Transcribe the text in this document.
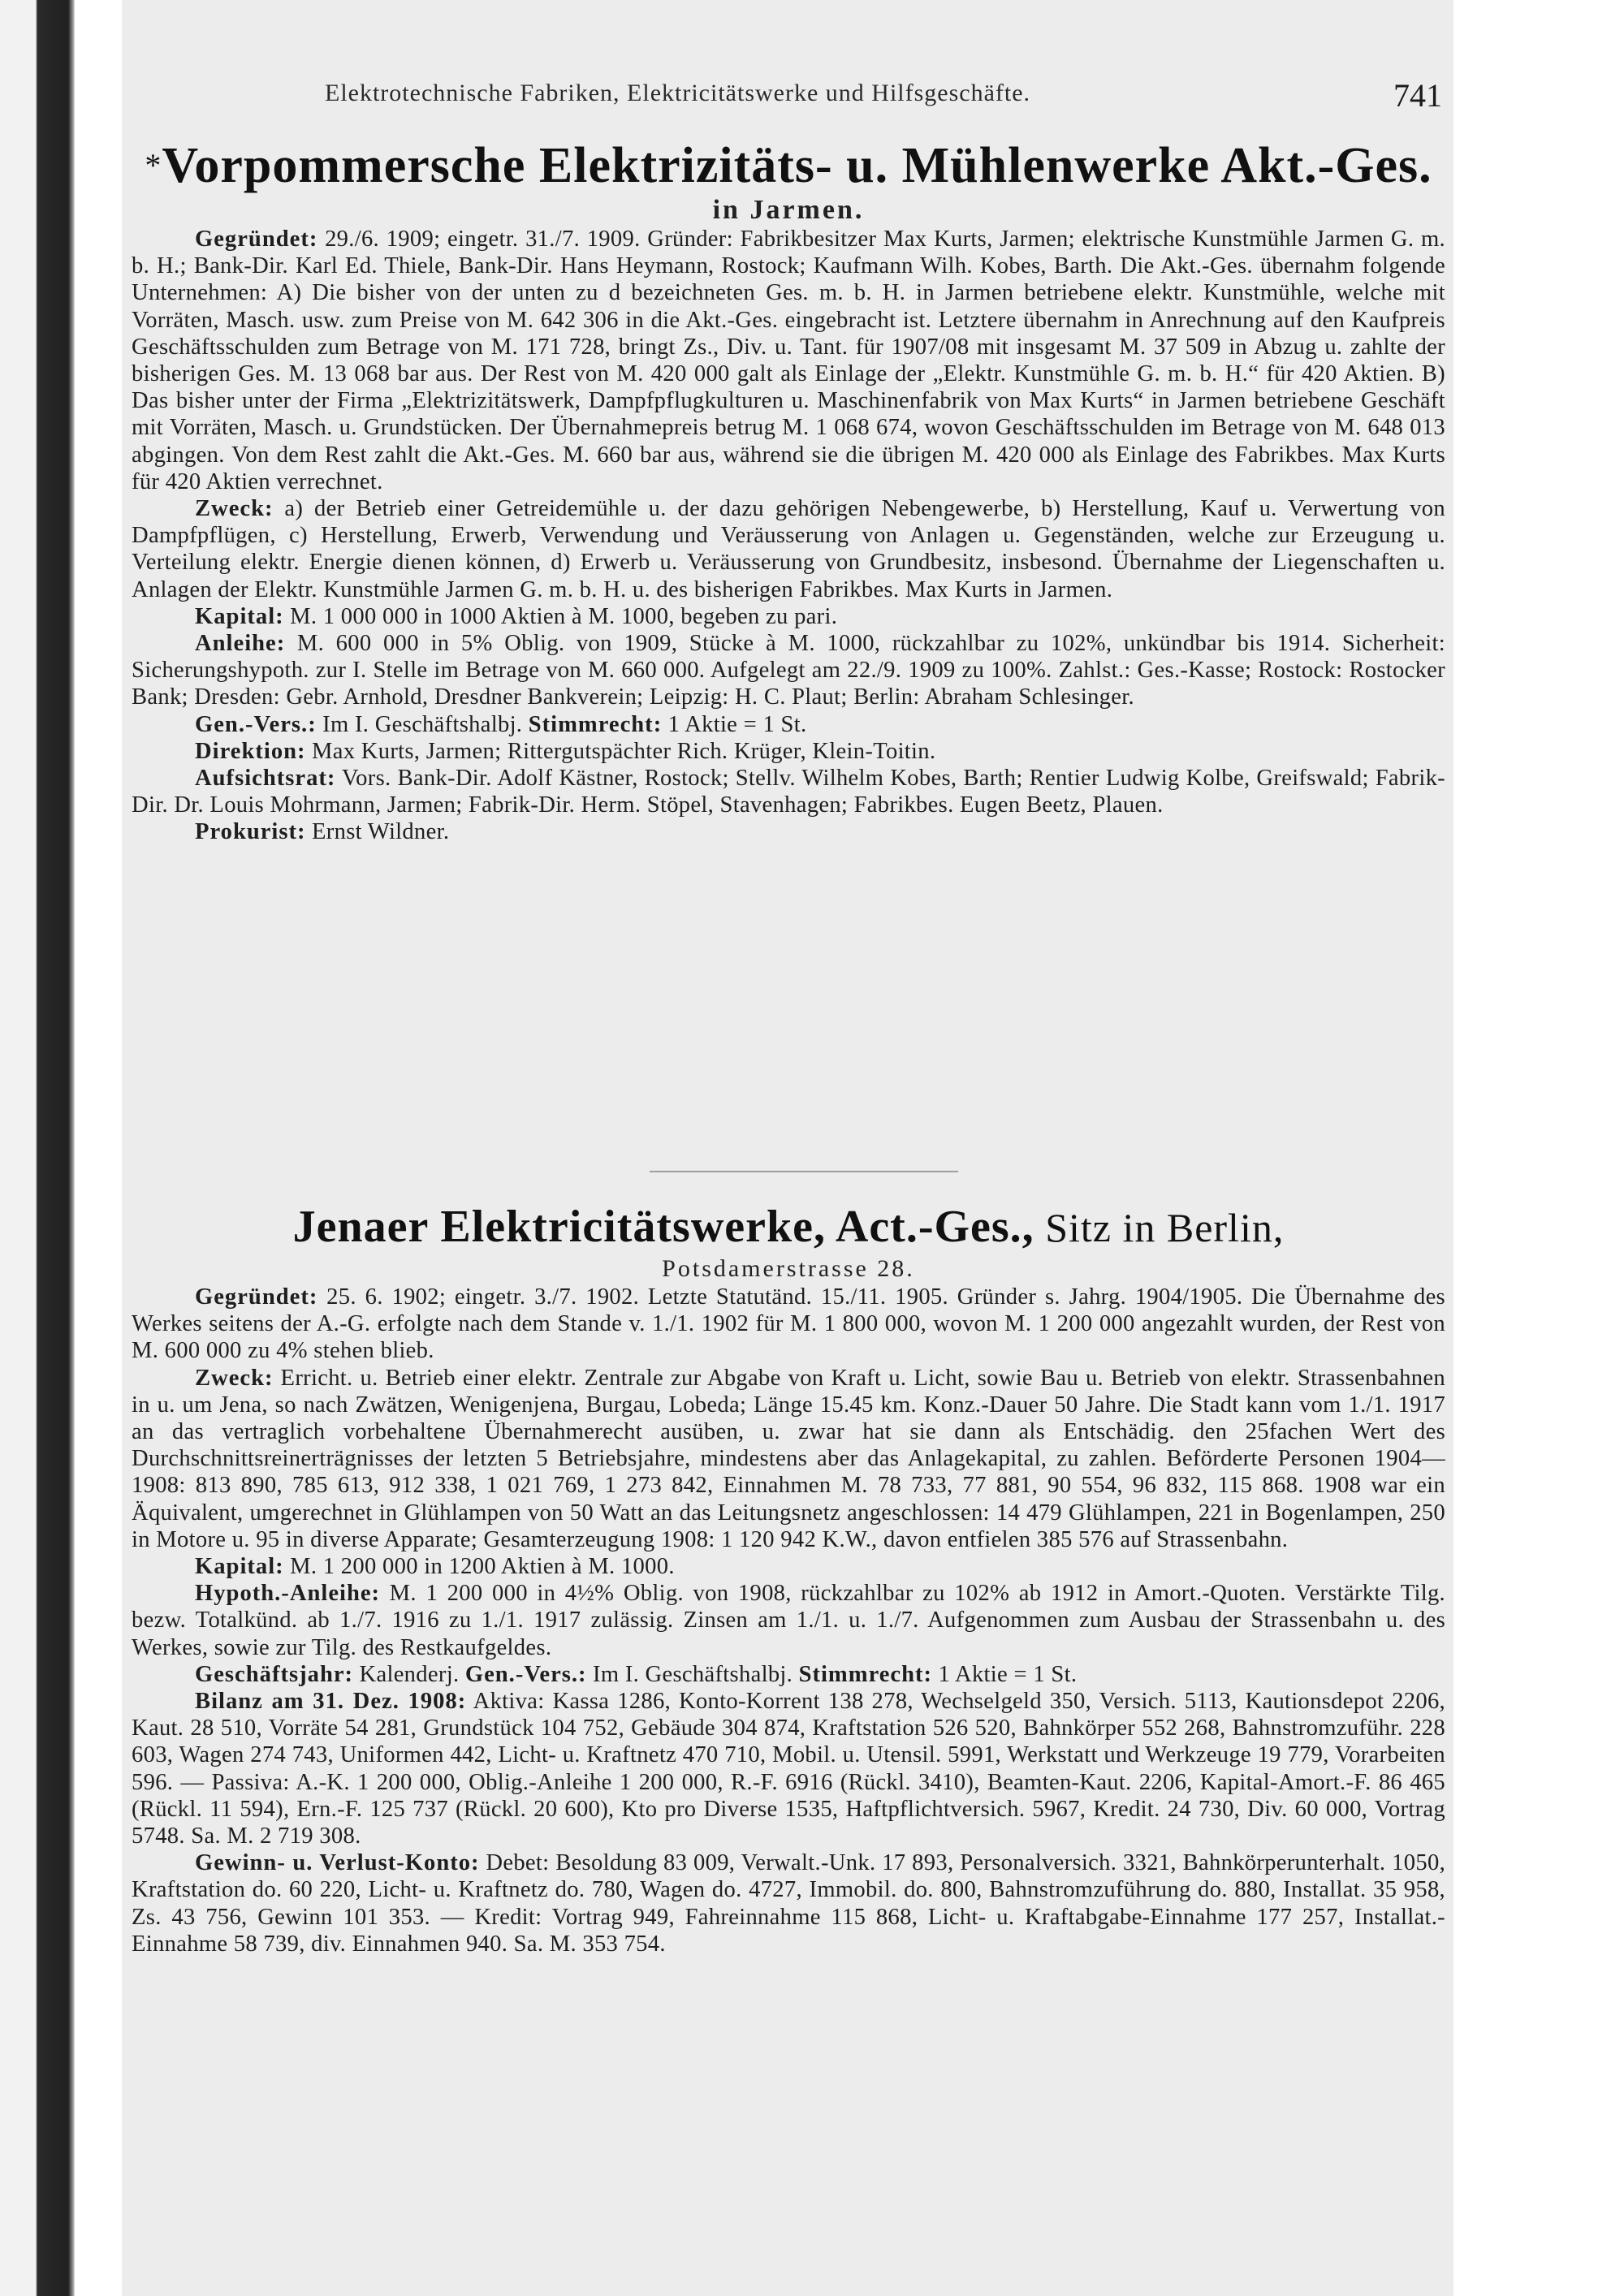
Elektrotechnische Fabriken, Elektricitätswerke und Hilfsgeschäfte.	741
*Vorpommersche Elektrizitäts- u. Mühlenwerke Akt.-Ges.
in Jarmen.

Gegründet: 29./6. 1909; eingetr. 31./7. 1909. Gründer: Fabrikbesitzer Max Kurts, Jarmen; elektrische Kunstmühle Jarmen G. m. b. H.; Bank-Dir. Karl Ed. Thiele, Bank-Dir. Hans Heymann, Rostock; Kaufmann Wilh. Kobes, Barth. Die Akt.-Ges. übernahm folgende Unternehmen: A) Die bisher von der unten zu d bezeichneten Ges. m. b. H. in Jarmen betriebene elektr. Kunstmühle, welche mit Vorräten, Masch. usw. zum Preise von M. 642 306 in die Akt.-Ges. eingebracht ist. Letztere übernahm in Anrechnung auf den Kaufpreis Geschäftsschulden zum Betrage von M. 171 728, bringt Zs., Div. u. Tant. für 1907/08 mit insgesamt M. 37 509 in Abzug u. zahlte der bisherigen Ges. M. 13 068 bar aus. Der Rest von M. 420 000 galt als Einlage der „Elektr. Kunstmühle G. m. b. H.“ für 420 Aktien. B) Das bisher unter der Firma „Elektrizitätswerk, Dampfpflugkulturen u. Maschinenfabrik von Max Kurts“ in Jarmen betriebene Geschäft mit Vorräten, Masch. u. Grundstücken. Der Übernahmepreis betrug M. 1 068 674, wovon Geschäftsschulden im Betrage von M. 648 013 abgingen. Von dem Rest zahlt die Akt.-Ges. M. 660 bar aus, während sie die übrigen M. 420 000 als Einlage des Fabrikbes. Max Kurts für 420 Aktien verrechnet.

Zweck: a) der Betrieb einer Getreidemühle u. der dazu gehörigen Nebengewerbe, b) Herstellung, Kauf u. Verwertung von Dampfpflügen, c) Herstellung, Erwerb, Verwendung und Veräusserung von Anlagen u. Gegenständen, welche zur Erzeugung u. Verteilung elektr. Energie dienen können, d) Erwerb u. Veräusserung von Grundbesitz, insbesond. Übernahme der Liegenschaften u. Anlagen der Elektr. Kunstmühle Jarmen G. m. b. H. u. des bisherigen Fabrikbes. Max Kurts in Jarmen.

Kapital: M. 1 000 000 in 1000 Aktien à M. 1000, begeben zu pari.

Anleihe: M. 600 000 in 5% Oblig. von 1909, Stücke à M. 1000, rückzahlbar zu 102%, unkündbar bis 1914. Sicherheit: Sicherungshypoth. zur I. Stelle im Betrage von M. 660 000. Aufgelegt am 22./9. 1909 zu 100%. Zahlst.: Ges.-Kasse; Rostock: Rostocker Bank; Dresden: Gebr. Arnhold, Dresdner Bankverein; Leipzig: H. C. Plaut; Berlin: Abraham Schlesinger.

Gen.-Vers.: Im I. Geschäftshalbj. Stimmrecht: 1 Aktie = 1 St.

Direktion: Max Kurts, Jarmen; Rittergutspächter Rich. Krüger, Klein-Toitin.

Aufsichtsrat: Vors. Bank-Dir. Adolf Kästner, Rostock; Stellv. Wilhelm Kobes, Barth; Rentier Ludwig Kolbe, Greifswald; Fabrik-Dir. Dr. Louis Mohrmann, Jarmen; Fabrik-Dir. Herm. Stöpel, Stavenhagen; Fabrikbes. Eugen Beetz, Plauen.

Prokurist: Ernst Wildner.

Jenaer Elektricitätswerke, Act.-Ges., Sitz in Berlin,
Potsdamerstrasse 28.

Gegründet: 25. 6. 1902; eingetr. 3./7. 1902. Letzte Statutänd. 15./11. 1905. Gründer s. Jahrg. 1904/1905. Die Übernahme des Werkes seitens der A.-G. erfolgte nach dem Stande v. 1./1. 1902 für M. 1 800 000, wovon M. 1 200 000 angezahlt wurden, der Rest von M. 600 000 zu 4% stehen blieb.

Zweck: Erricht. u. Betrieb einer elektr. Zentrale zur Abgabe von Kraft u. Licht, sowie Bau u. Betrieb von elektr. Strassenbahnen in u. um Jena, so nach Zwätzen, Wenigenjena, Burgau, Lobeda; Länge 15.45 km. Konz.-Dauer 50 Jahre. Die Stadt kann vom 1./1. 1917 an das vertraglich vorbehaltene Übernahmerecht ausüben, u. zwar hat sie dann als Entschädig. den 25fachen Wert des Durchschnittsreinerträgnisses der letzten 5 Betriebsjahre, mindestens aber das Anlagekapital, zu zahlen. Beförderte Personen 1904—1908: 813 890, 785 613, 912 338, 1 021 769, 1 273 842, Einnahmen M. 78 733, 77 881, 90 554, 96 832, 115 868. 1908 war ein Äquivalent, umgerechnet in Glühlampen von 50 Watt an das Leitungsnetz angeschlossen: 14 479 Glühlampen, 221 in Bogenlampen, 250 in Motore u. 95 in diverse Apparate; Gesamterzeugung 1908: 1 120 942 K.W., davon entfielen 385 576 auf Strassenbahn.

Kapital: M. 1 200 000 in 1200 Aktien à M. 1000.

Hypoth.-Anleihe: M. 1 200 000 in 4½% Oblig. von 1908, rückzahlbar zu 102% ab 1912 in Amort.-Quoten. Verstärkte Tilg. bezw. Totalkünd. ab 1./7. 1916 zu 1./1. 1917 zulässig. Zinsen am 1./1. u. 1./7. Aufgenommen zum Ausbau der Strassenbahn u. des Werkes, sowie zur Tilg. des Restkaufgeldes.

Geschäftsjahr: Kalenderj. Gen.-Vers.: Im I. Geschäftshalbj. Stimmrecht: 1 Aktie = 1 St.

Bilanz am 31. Dez. 1908: Aktiva: Kassa 1286, Konto-Korrent 138 278, Wechselgeld 350, Versich. 5113, Kautionsdepot 2206, Kaut. 28 510, Vorräte 54 281, Grundstück 104 752, Gebäude 304 874, Kraftstation 526 520, Bahnkörper 552 268, Bahnstromzuführ. 228 603, Wagen 274 743, Uniformen 442, Licht- u. Kraftnetz 470 710, Mobil. u. Utensil. 5991, Werkstatt und Werkzeuge 19 779, Vorarbeiten 596. — Passiva: A.-K. 1 200 000, Oblig.-Anleihe 1 200 000, R.-F. 6916 (Rückl. 3410), Beamten-Kaut. 2206, Kapital-Amort.-F. 86 465 (Rückl. 11 594), Ern.-F. 125 737 (Rückl. 20 600), Kto pro Diverse 1535, Haftpflichtversich. 5967, Kredit. 24 730, Div. 60 000, Vortrag 5748. Sa. M. 2 719 308.

Gewinn- u. Verlust-Konto: Debet: Besoldung 83 009, Verwalt.-Unk. 17 893, Personalversich. 3321, Bahnkörperunterhalt. 1050, Kraftstation do. 60 220, Licht- u. Kraftnetz do. 780, Wagen do. 4727, Immobil. do. 800, Bahnstromzuführung do. 880, Installat. 35 958, Zs. 43 756, Gewinn 101 353. — Kredit: Vortrag 949, Fahreinnahme 115 868, Licht- u. Kraftabgabe-Einnahme 177 257, Installat.-Einnahme 58 739, div. Einnahmen 940. Sa. M. 353 754.
